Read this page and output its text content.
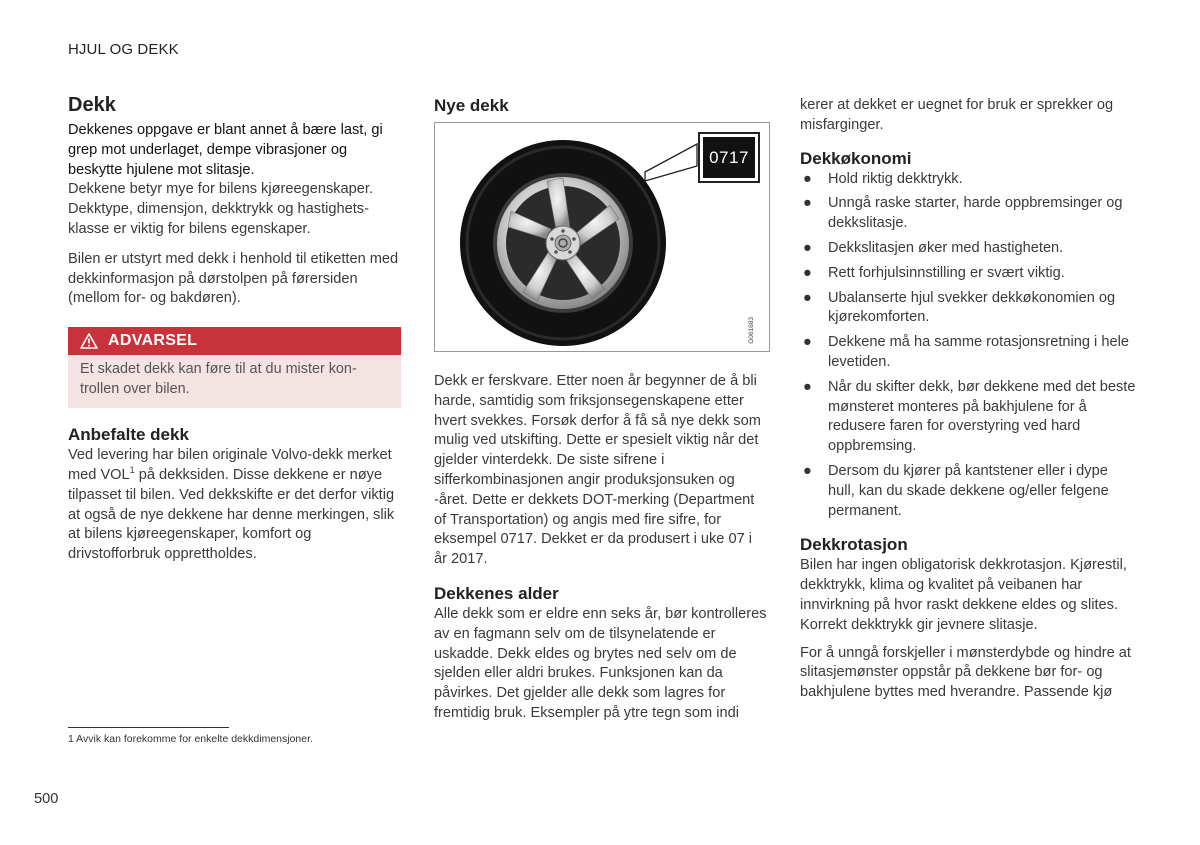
HJUL OG DEKK
Dekk

Dekkenes oppgave er blant annet å bære last, gi grep mot underlaget, dempe vibrasjoner og beskytte hjulene mot slitasje.

Dekkene betyr mye for bilens kjøreegenskaper. Dekktype, dimensjon, dekktrykk og hastighetsklasse er viktig for bilens egenskaper.

Bilen er utstyrt med dekk i henhold til etiketten med dekkinformasjon på dørstolpen på førersiden (mellom for- og bakdøren).

ADVARSEL
Et skadet dekk kan føre til at du mister kontrollen over bilen.
Anbefalte dekk

Ved levering har bilen originale Volvo-dekk merket med VOL$^1$ på dekksiden. Disse dekkene er nøye tilpasset til bilen. Ved dekkskifte er det derfor viktig at også de nye dekkene har denne merkingen, slik at bilens kjøreegenskaper, komfort og drivstofforbruk opprettholdes.

Nye dekk
0717
G061683

Dekk er ferskvare. Etter noen år begynner de å bli harde, samtidig som friksjonsegenskapene etter hvert svekkes. Forsøk derfor å få så nye dekk som mulig ved utskifting. Dette er spesielt viktig når det gjelder vinterdekk. De siste sifrene i sifferkombinasjonen angir produksjonsuken og -året. Dette er dekkets DOT-merking (Department of Transportation) og angis med fire sifre, for eksempel 0717. Dekket er da produsert i uke 07 i år 2017.

Dekkenes alder

Alle dekk som er eldre enn seks år, bør kontrolleres av en fagmann selv om de tilsynelatende er uskadde. Dekk eldes og brytes ned selv om de sjelden eller aldri brukes. Funksjonen kan da påvirkes. Det gjelder alle dekk som lagres for fremtidig bruk. Eksempler på ytre tegn som indi

kerer at dekket er uegnet for bruk er sprekker og misfarginger.

Dekkøkonomi
● Hold riktig dekktrykk.
● Unngå raske starter, harde oppbremsinger og dekkslitasje.
● Dekkslitasjen øker med hastigheten.
● Rett forhjulsinnstilling er svært viktig.
● Ubalanserte hjul svekker dekkøkonomien og kjørekomforten.
● Dekkene må ha samme rotasjonsretning i hele levetiden.
● Når du skifter dekk, bør dekkene med det beste mønsteret monteres på bakhjulene for å redusere faren for overstyring ved hard oppbremsing.
● Dersom du kjører på kantstener eller i dype hull, kan du skade dekkene og/eller felgene permanent.
Dekkrotasjon

Bilen har ingen obligatorisk dekkrotasjon. Kjørestil, dekktrykk, klima og kvalitet på veibanen har innvirkning på hvor raskt dekkene eldes og slites. Korrekt dekktrykk gir jevnere slitasje.

For å unngå forskjeller i mønsterdybde og hindre at slitasjemønster oppstår på dekkene bør for- og bakhjulene byttes med hverandre. Passende kjø

1 Avvik kan forekomme for enkelte dekkdimensjoner.
500
